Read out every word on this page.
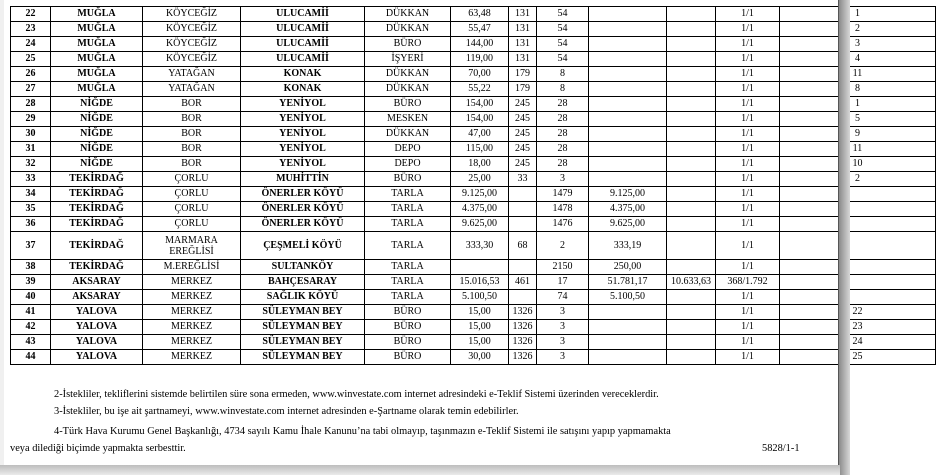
22	MUĞLA	KÖYCEĞİZ	ULUCAMİİ	DÜKKAN	63,48	131	54			1/1	1
23	MUĞLA	KÖYCEĞİZ	ULUCAMİİ	DÜKKAN	55,47	131	54			1/1	2
24	MUĞLA	KÖYCEĞİZ	ULUCAMİİ	BÜRO	144,00	131	54			1/1	3
25	MUĞLA	KÖYCEĞİZ	ULUCAMİİ	İŞYERİ	119,00	131	54			1/1	4
26	MUĞLA	YATAĞAN	KONAK	DÜKKAN	70,00	179	8			1/1	11
27	MUĞLA	YATAĞAN	KONAK	DÜKKAN	55,22	179	8			1/1	8
28	NİĞDE	BOR	YENİYOL	BÜRO	154,00	245	28			1/1	1
29	NİĞDE	BOR	YENİYOL	MESKEN	154,00	245	28			1/1	5
30	NİĞDE	BOR	YENİYOL	DÜKKAN	47,00	245	28			1/1	9
31	NİĞDE	BOR	YENİYOL	DEPO	115,00	245	28			1/1	11
32	NİĞDE	BOR	YENİYOL	DEPO	18,00	245	28			1/1	10
33	TEKİRDAĞ	ÇORLU	MUHİTTİN	BÜRO	25,00	33	3			1/1	2
34	TEKİRDAĞ	ÇORLU	ÖNERLER KÖYÜ	TARLA	9.125,00		1479	9.125,00		1/1	
35	TEKİRDAĞ	ÇORLU	ÖNERLER KÖYÜ	TARLA	4.375,00		1478	4.375,00		1/1	
36	TEKİRDAĞ	ÇORLU	ÖNERLER KÖYÜ	TARLA	9.625,00		1476	9.625,00		1/1	
37	TEKİRDAĞ	MARMARA EREĞLİSİ	ÇEŞMELİ KÖYÜ	TARLA	333,30	68	2	333,19		1/1	
38	TEKİRDAĞ	M.EREĞLİSİ	SULTANKÖY	TARLA			2150	250,00		1/1	
39	AKSARAY	MERKEZ	BAHÇESARAY	TARLA	15.016,53	461	17	51.781,17	10.633,63	368/1.792	
40	AKSARAY	MERKEZ	SAĞLIK KÖYÜ	TARLA	5.100,50		74	5.100,50		1/1	
41	YALOVA	MERKEZ	SÜLEYMAN BEY	BÜRO	15,00	1326	3			1/1	22
42	YALOVA	MERKEZ	SÜLEYMAN BEY	BÜRO	15,00	1326	3			1/1	23
43	YALOVA	MERKEZ	SÜLEYMAN BEY	BÜRO	15,00	1326	3			1/1	24
44	YALOVA	MERKEZ	SÜLEYMAN BEY	BÜRO	30,00	1326	3			1/1	25
2-İstekliler, tekliflerini sistemde belirtilen süre sona ermeden, www.winvestate.com internet adresindeki e-Teklif Sistemi üzerinden vereceklerdir.
3-İstekliler, bu işe ait şartnameyi, www.winvestate.com internet adresinden e-Şartname olarak temin edebilirler.
4-Türk Hava Kurumu Genel Başkanlığı, 4734 sayılı Kamu İhale Kanunu’na tabi olmayıp, taşınmazın e-Teklif Sistemi ile satışını yapıp yapmamakta
veya dilediği biçimde yapmakta serbesttir.	5828/1-1
